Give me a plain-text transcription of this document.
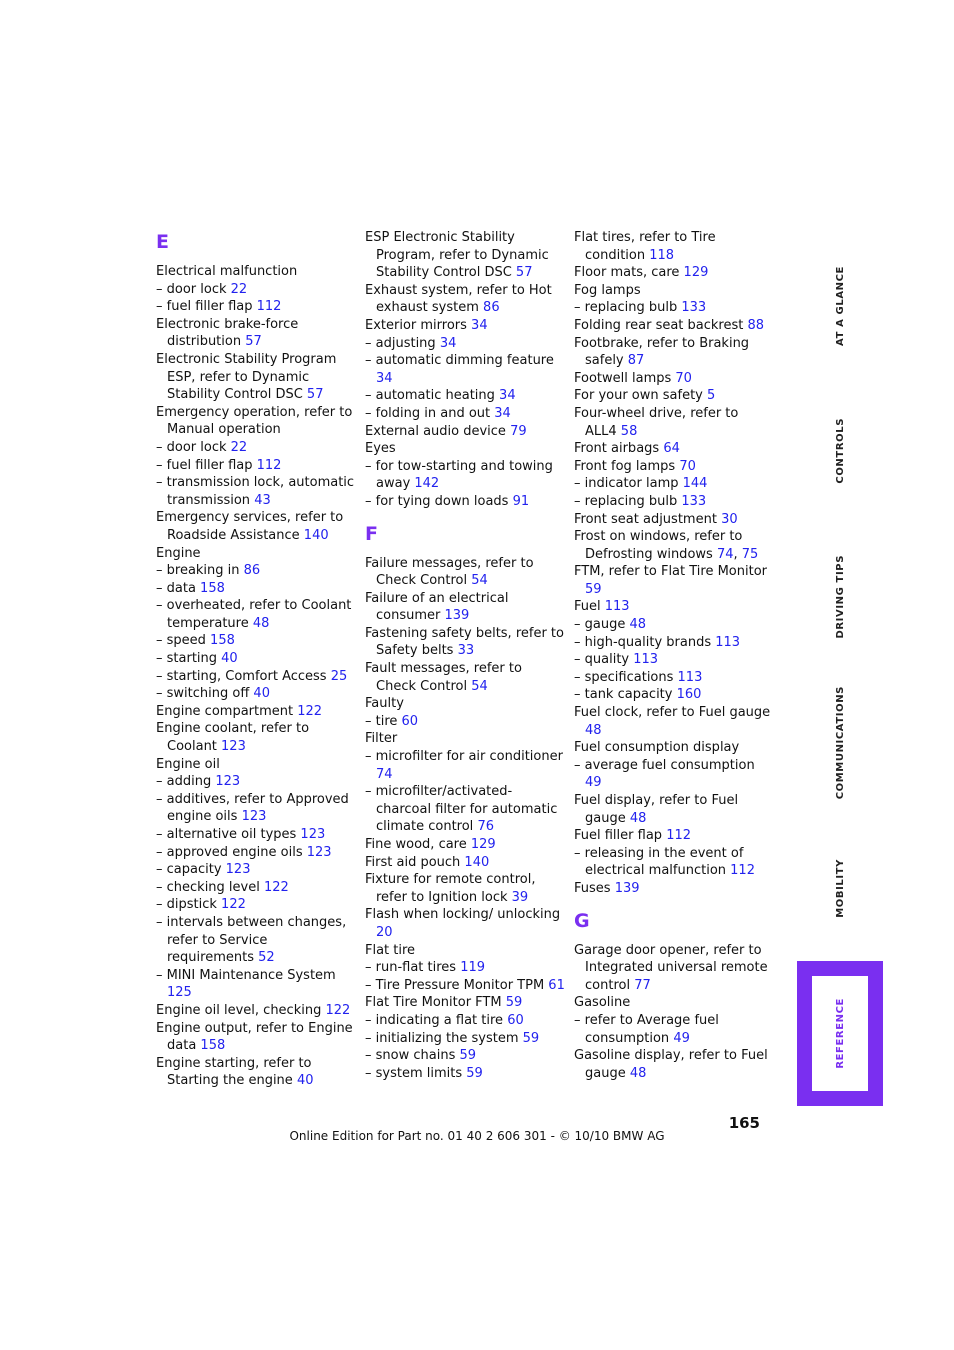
E
Electrical malfunction
– door lock 22
– fuel filler flap 112
Electronic brake-force distribution 57
Electronic Stability Program ESP, refer to Dynamic Stability Control DSC 57
Emergency operation, refer to Manual operation
– door lock 22
– fuel filler flap 112
– transmission lock, automatic transmission 43
Emergency services, refer to Roadside Assistance 140
Engine
– breaking in 86
– data 158
– overheated, refer to Coolant temperature 48
– speed 158
– starting 40
– starting, Comfort Access 25
– switching off 40
Engine compartment 122
Engine coolant, refer to Coolant 123
Engine oil
– adding 123
– additives, refer to Approved engine oils 123
– alternative oil types 123
– approved engine oils 123
– capacity 123
– checking level 122
– dipstick 122
– intervals between changes, refer to Service requirements 52
– MINI Maintenance System 125
Engine oil level, checking 122
Engine output, refer to Engine data 158
Engine starting, refer to Starting the engine 40
ESP Electronic Stability Program, refer to Dynamic Stability Control DSC 57
Exhaust system, refer to Hot exhaust system 86
Exterior mirrors 34
– adjusting 34
– automatic dimming feature 34
– automatic heating 34
– folding in and out 34
External audio device 79
Eyes
– for tow-starting and towing away 142
– for tying down loads 91
F
Failure messages, refer to Check Control 54
Failure of an electrical consumer 139
Fastening safety belts, refer to Safety belts 33
Fault messages, refer to Check Control 54
Faulty
– tire 60
Filter
– microfilter for air conditioner 74
– microfilter/activated-charcoal filter for automatic climate control 76
Fine wood, care 129
First aid pouch 140
Fixture for remote control, refer to Ignition lock 39
Flash when locking/ unlocking 20
Flat tire
– run-flat tires 119
– Tire Pressure Monitor TPM 61
Flat Tire Monitor FTM 59
– indicating a flat tire 60
– initializing the system 59
– snow chains 59
– system limits 59
Flat tires, refer to Tire condition 118
Floor mats, care 129
Fog lamps
– replacing bulb 133
Folding rear seat backrest 88
Footbrake, refer to Braking safely 87
Footwell lamps 70
For your own safety 5
Four-wheel drive, refer to ALL4 58
Front airbags 64
Front fog lamps 70
– indicator lamp 144
– replacing bulb 133
Front seat adjustment 30
Frost on windows, refer to Defrosting windows 74, 75
FTM, refer to Flat Tire Monitor 59
Fuel 113
– gauge 48
– high-quality brands 113
– quality 113
– specifications 113
– tank capacity 160
Fuel clock, refer to Fuel gauge 48
Fuel consumption display
– average fuel consumption 49
Fuel display, refer to Fuel gauge 48
Fuel filler flap 112
– releasing in the event of electrical malfunction 112
Fuses 139
G
Garage door opener, refer to Integrated universal remote control 77
Gasoline
– refer to Average fuel consumption 49
Gasoline display, refer to Fuel gauge 48
AT A GLANCE
CONTROLS
DRIVING TIPS
COMMUNICATIONS
MOBILITY
REFERENCE
165
Online Edition for Part no. 01 40 2 606 301 - © 10/10 BMW AG
